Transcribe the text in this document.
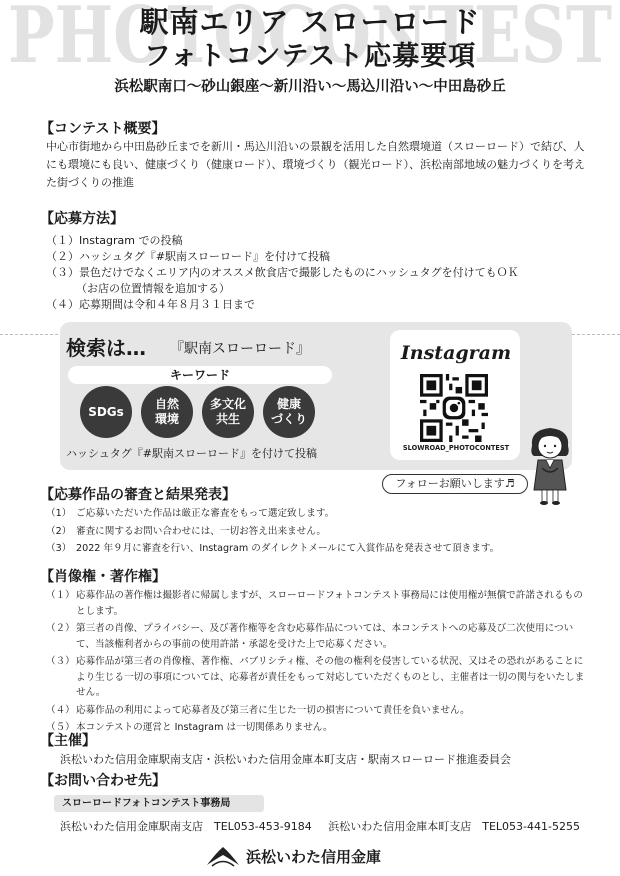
PHOTOCONTEST
駅南エリア スローロード
フォトコンテスト応募要項
浜松駅南口〜砂山銀座〜新川沿い〜馬込川沿い〜中田島砂丘
【コンテスト概要】
中心市街地から中田島砂丘までを新川・馬込川沿いの景観を活用した自然環境道（スローロード）で結び、人にも環境にも良い、健康づくり（健康ロード）、環境づくり（観光ロード）、浜松南部地域の魅力づくりを考えた街づくりの推進
【応募方法】
（１） Instagram での投稿
（２） ハッシュタグ『#駅南スローロード』を付けて投稿
（３） 景色だけでなくエリア内のオススメ飲食店で撮影したものにハッシュタグを付けてもＯＫ
（お店の位置情報を追加する）
（４） 応募期間は令和４年８月３１日まで
検索は… 『駅南スローロード』
キーワード
SDGs
自然
環境
多文化
共生
健康
づくり
ハッシュタグ『#駅南スローロード』を付けて投稿
Instagram
SLOWROAD_PHOTOCONTEST
フォローお願いします♬
【応募作品の審査と結果発表】
（1） ご応募いただいた作品は厳正な審査をもって選定致します。
（2） 審査に関するお問い合わせには、一切お答え出来ません。
（3） 2022 年９月に審査を行い、Instagram のダイレクトメールにて入賞作品を発表させて頂きます。
【肖像権・著作権】
（１） 応募作品の著作権は撮影者に帰属しますが、スローロードフォトコンテスト事務局には使用権が無償で許諾されるものとします。
（２） 第三者の肖像、プライバシー、及び著作権等を含む応募作品については、本コンテストへの応募及び二次使用について、当該権利者からの事前の使用許諾・承認を受けた上で応募ください。
（３） 応募作品が第三者の肖像権、著作権、パブリシティ権、その他の権利を侵害している状況、又はその恐れがあることにより生じる一切の事項については、応募者が責任をもって対応していただくものとし、主催者は一切の関与をいたしません。
（４） 応募作品の利用によって応募者及び第三者に生じた一切の損害について責任を負いません。
（５） 本コンテストの運営と Instagram は一切関係ありません。
【主催】
浜松いわた信用金庫駅南支店・浜松いわた信用金庫本町支店・駅南スローロード推進委員会
【お問い合わせ先】
スローロードフォトコンテスト事務局
浜松いわた信用金庫駅南支店　TEL053-453-9184 浜松いわた信用金庫本町支店　TEL053-441-5255
浜松いわた信用金庫
